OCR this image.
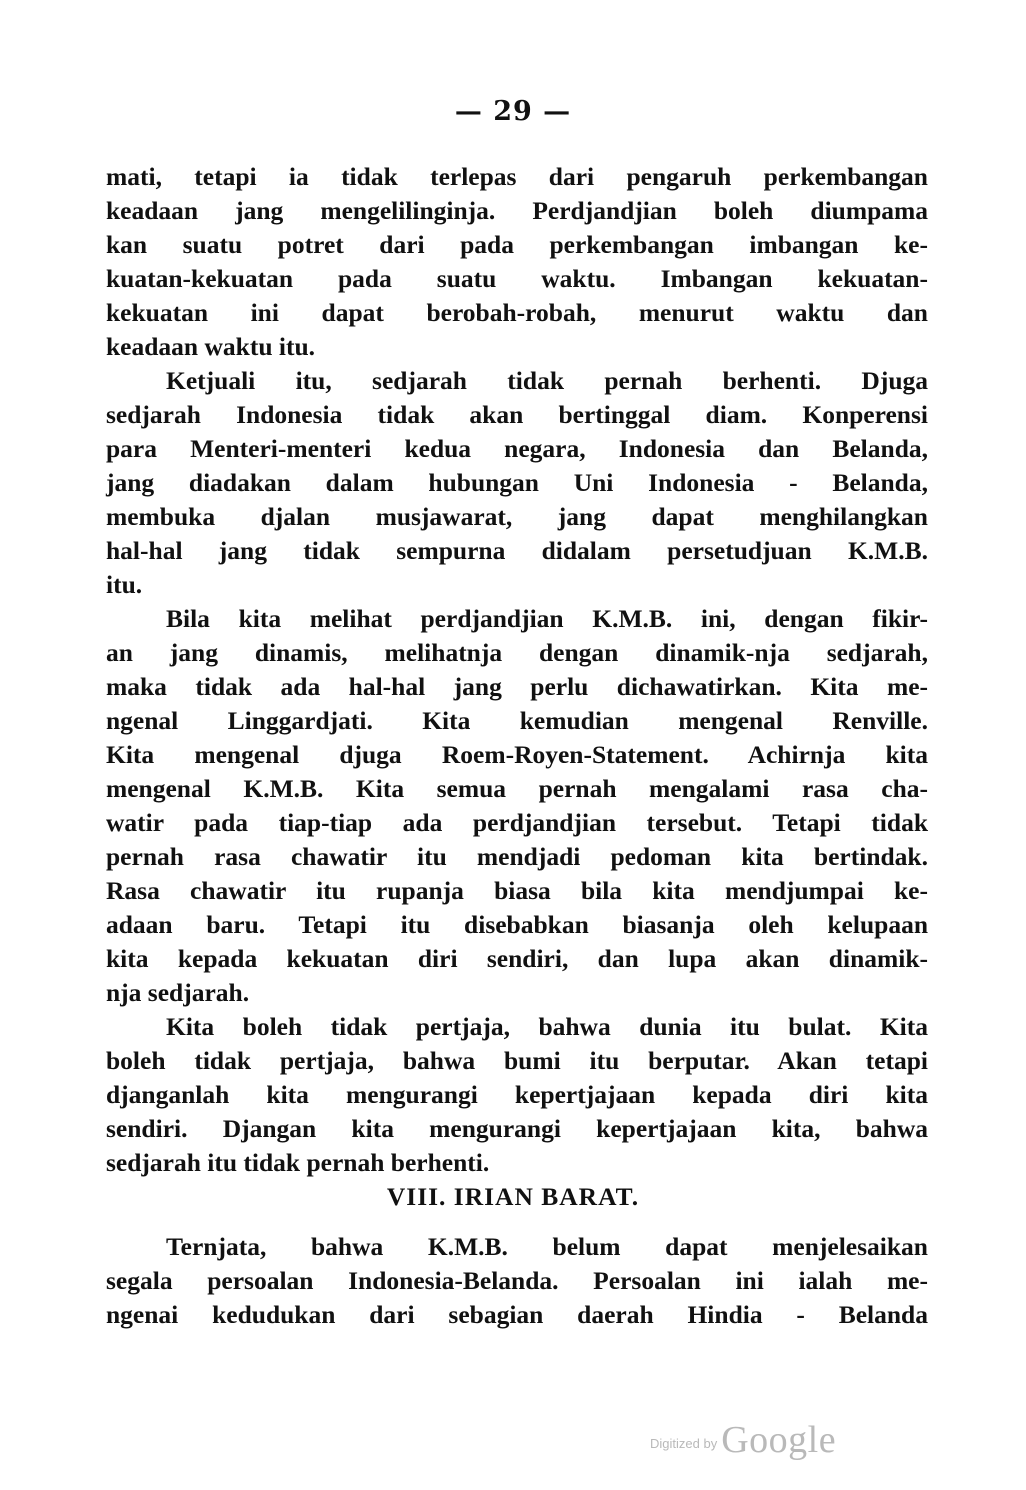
— 29 —
mati, tetapi ia tidak terlepas dari pengaruh perkembangan
keadaan jang mengelilinginja. Perdjandjian boleh diumpama
kan suatu potret dari pada perkembangan imbangan ke-
kuatan-kekuatan pada suatu waktu. Imbangan kekuatan-
kekuatan ini dapat berobah-robah, menurut waktu dan
keadaan waktu itu.
Ketjuali itu, sedjarah tidak pernah berhenti. Djuga
sedjarah Indonesia tidak akan bertinggal diam. Konperensi
para Menteri-menteri kedua negara, Indonesia dan Belanda,
jang diadakan dalam hubungan Uni Indonesia - Belanda,
membuka djalan musjawarat, jang dapat menghilangkan
hal-hal jang tidak sempurna didalam persetudjuan K.M.B.
itu.
Bila kita melihat perdjandjian K.M.B. ini, dengan fikir-
an jang dinamis, melihatnja dengan dinamik-nja sedjarah,
maka tidak ada hal-hal jang perlu dichawatirkan. Kita me-
ngenal Linggardjati. Kita kemudian mengenal Renville.
Kita mengenal djuga Roem-Royen-Statement. Achirnja kita
mengenal K.M.B. Kita semua pernah mengalami rasa cha-
watir pada tiap-tiap ada perdjandjian tersebut. Tetapi tidak
pernah rasa chawatir itu mendjadi pedoman kita bertindak.
Rasa chawatir itu rupanja biasa bila kita mendjumpai ke-
adaan baru. Tetapi itu disebabkan biasanja oleh kelupaan
kita kepada kekuatan diri sendiri, dan lupa akan dinamik-
nja sedjarah.
Kita boleh tidak pertjaja, bahwa dunia itu bulat. Kita
boleh tidak pertjaja, bahwa bumi itu berputar. Akan tetapi
djanganlah kita mengurangi kepertjajaan kepada diri kita
sendiri. Djangan kita mengurangi kepertjajaan kita, bahwa
sedjarah itu tidak pernah berhenti.
VIII. IRIAN BARAT.
Ternjata, bahwa K.M.B. belum dapat menjelesaikan
segala persoalan Indonesia-Belanda. Persoalan ini ialah me-
ngenai kedudukan dari sebagian daerah Hindia - Belanda
$^{Digitized by}$ Google
